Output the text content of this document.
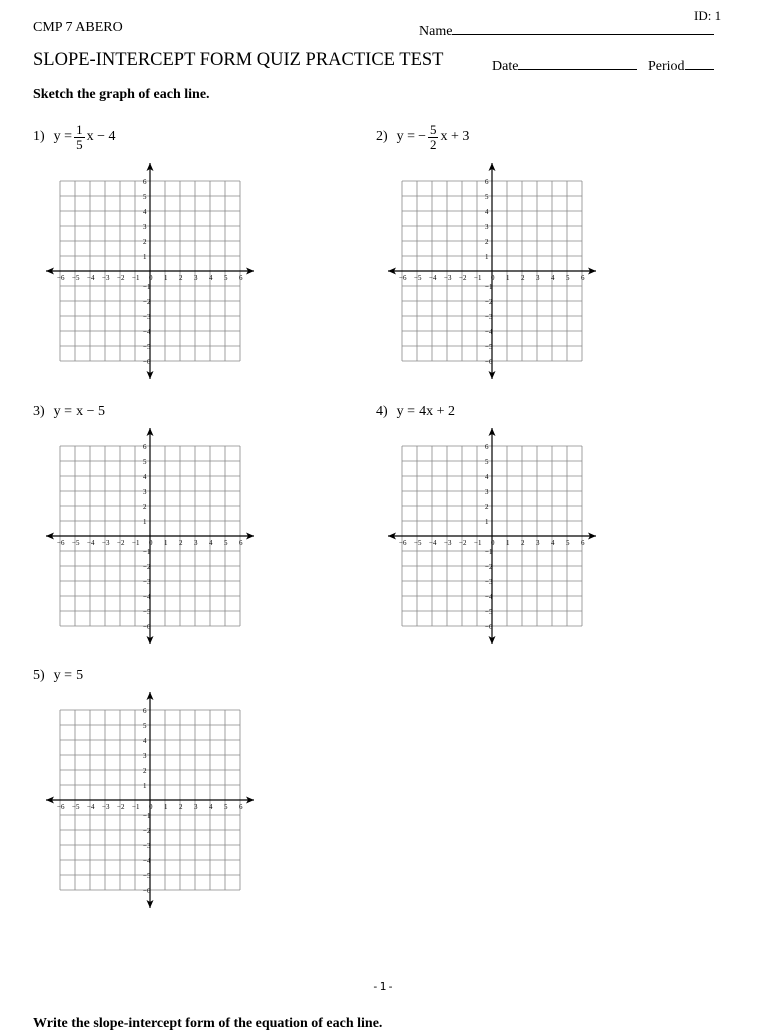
ID: 1
CMP 7 ABERO	Name
SLOPE-INTERCEPT FORM QUIZ PRACTICE TEST	Date	Period
Sketch the graph of each line.
1) $y = \frac{1}{5}$ x − 4	2) y = − $\frac{5}{2}$ x + 3
3) y = x − 5	4) y = 4x + 2
5) y = 5
−6 −5 −4 −3 −2 −1 0 1 2 3 4 5 6
6
5
4
3
2
1
−1
−2
−3
−4
−5
−6
−6 −5 −4 −3 −2 −1 0 1 2 3 4 5 6
6
5
4
3
2
1
−1
−2
−3
−4
−5
−6
−6 −5 −4 −3 −2 −1 0 1 2 3 4 5 6
6
5
4
3
2
1
−1
−2
−3
−4
−5
−6
−6 −5 −4 −3 −2 −1 0 1 2 3 4 5 6
6
5
4
3
2
1
−1
−2
−3
−4
−5
−6
−6 −5 −4 −3 −2 −1 0 1 2 3 4 5 6
6
5
4
3
2
1
−1
−2
−3
−4
−5
−6
-1-
Write the slope-intercept form of the equation of each line.
